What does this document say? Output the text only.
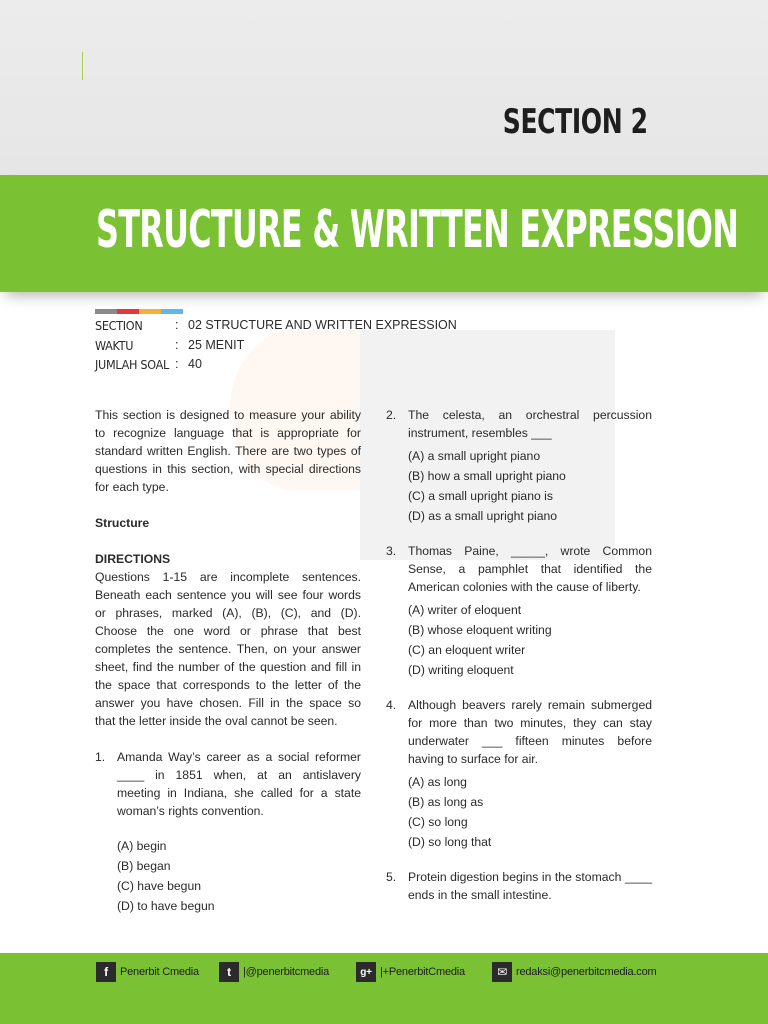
SECTION 2
STRUCTURE & WRITTEN EXPRESSION
SECTION	: 02 STRUCTURE AND WRITTEN EXPRESSION
WAKTU	: 25 MENIT
JUMLAH SOAL : 40

This section is designed to measure your ability to recognize language that is appropriate for standard written English. There are two types of questions in this section, with special directions for each type.

Structure

DIRECTIONS

Questions 1-15 are incomplete sentences. Beneath each sentence you will see four words or phrases, marked (A), (B), (C), and (D). Choose the one word or phrase that best completes the sentence. Then, on your answer sheet, find the number of the question and fill in the space that corresponds to the letter of the answer you have chosen. Fill in the space so that the letter inside the oval cannot be seen.

1. Amanda Way’s career as a social reformer ____ in 1851 when, at an antislavery meeting in Indiana, she called for a state woman’s rights convention.

(A) begin
(B) began
(C) have begun
(D) to have begun
2. The celesta, an orchestral percussion instrument, resembles ___

(A) a small upright piano
(B) how a small upright piano
(C) a small upright piano is
(D) as a small upright piano
3. Thomas Paine, _____, wrote Common Sense, a pamphlet that identified the American colonies with the cause of liberty.

(A) writer of eloquent
(B) whose eloquent writing
(C) an eloquent writer
(D) writing eloquent
4. Although beavers rarely remain submerged for more than two minutes, they can stay underwater ___ fifteen minutes before having to surface for air.

(A) as long
(B) as long as
(C) so long
(D) so long that
5. Protein digestion begins in the stomach ____ ends in the small intestine.

f	Penerbit Cmedia	t	|@penerbitcmedia	g+ |+PenerbitCmedia	✉ redaksi@penerbitcmedia.com
